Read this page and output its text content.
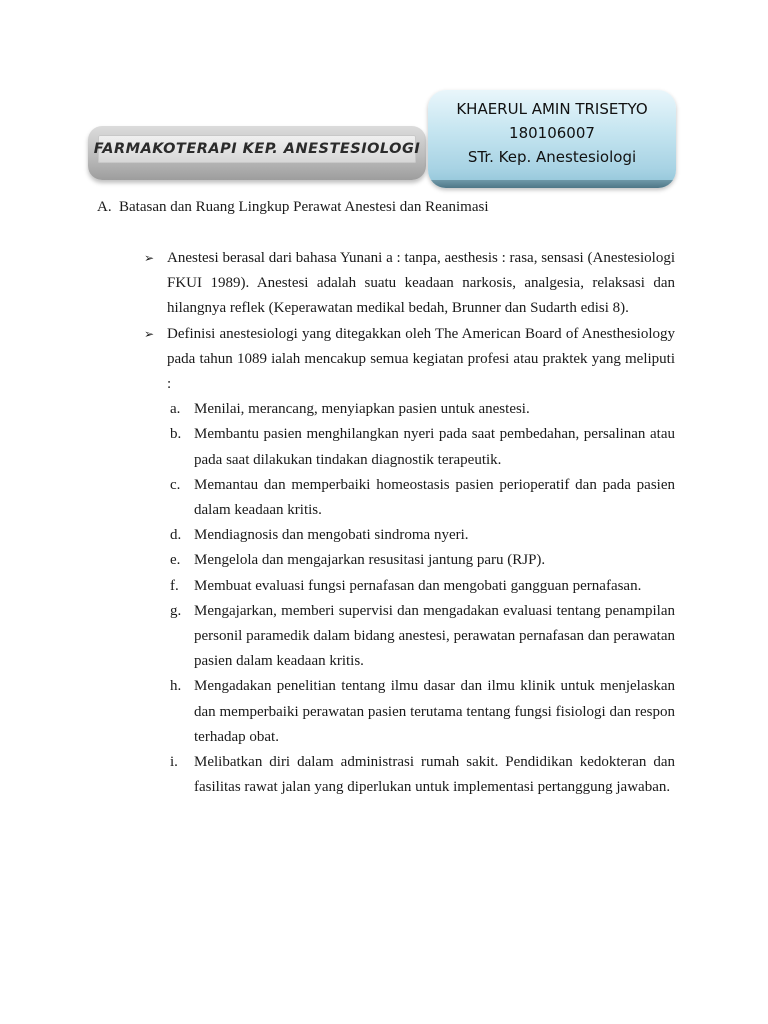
FARMAKOTERAPI KEP. ANESTESIOLOGI
KHAERUL AMIN TRISETYO
180106007
STr. Kep. Anestesiologi
A. Batasan dan Ruang Lingkup Perawat Anestesi dan Reanimasi
➢ Anestesi berasal dari bahasa Yunani a : tanpa, aesthesis : rasa, sensasi (Anestesiologi FKUI 1989). Anestesi adalah suatu keadaan narkosis, analgesia, relaksasi dan hilangnya reflek (Keperawatan medikal bedah, Brunner dan Sudarth edisi 8).
➢ Definisi anestesiologi yang ditegakkan oleh The American Board of Anesthesiology pada tahun 1089 ialah mencakup semua kegiatan profesi atau praktek yang meliputi :
a. Menilai, merancang, menyiapkan pasien untuk anestesi.
b. Membantu pasien menghilangkan nyeri pada saat pembedahan, persalinan atau pada saat dilakukan tindakan diagnostik terapeutik.
c. Memantau dan memperbaiki homeostasis pasien perioperatif dan pada pasien dalam keadaan kritis.
d. Mendiagnosis dan mengobati sindroma nyeri.
e. Mengelola dan mengajarkan resusitasi jantung paru (RJP).
f. Membuat evaluasi fungsi pernafasan dan mengobati gangguan pernafasan.
g. Mengajarkan, memberi supervisi dan mengadakan evaluasi tentang penampilan personil paramedik dalam bidang anestesi, perawatan pernafasan dan perawatan pasien dalam keadaan kritis.
h. Mengadakan penelitian tentang ilmu dasar dan ilmu klinik untuk menjelaskan dan memperbaiki perawatan pasien terutama tentang fungsi fisiologi dan respon terhadap obat.
i. Melibatkan diri dalam administrasi rumah sakit. Pendidikan kedokteran dan fasilitas rawat jalan yang diperlukan untuk implementasi pertanggung jawaban.
